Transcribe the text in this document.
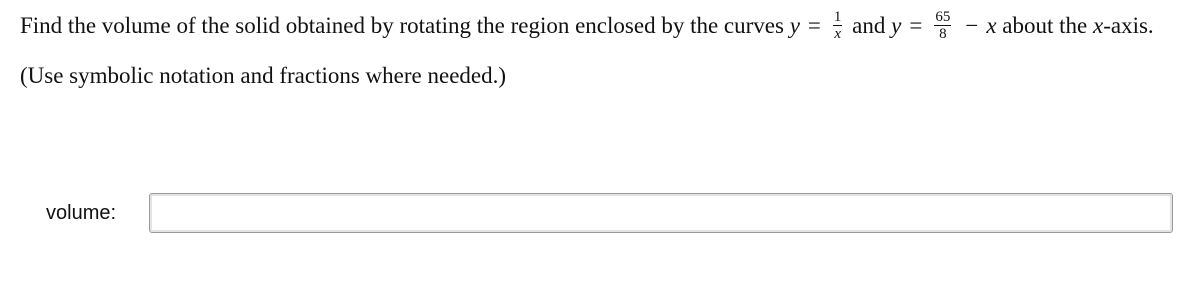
Find the volume of the solid obtained by rotating the region enclosed by the curves $y = \frac{1}{x}$ and $y = \frac{65}{8} - x$ about the x-axis.
(Use symbolic notation and fractions where needed.)
volume:
